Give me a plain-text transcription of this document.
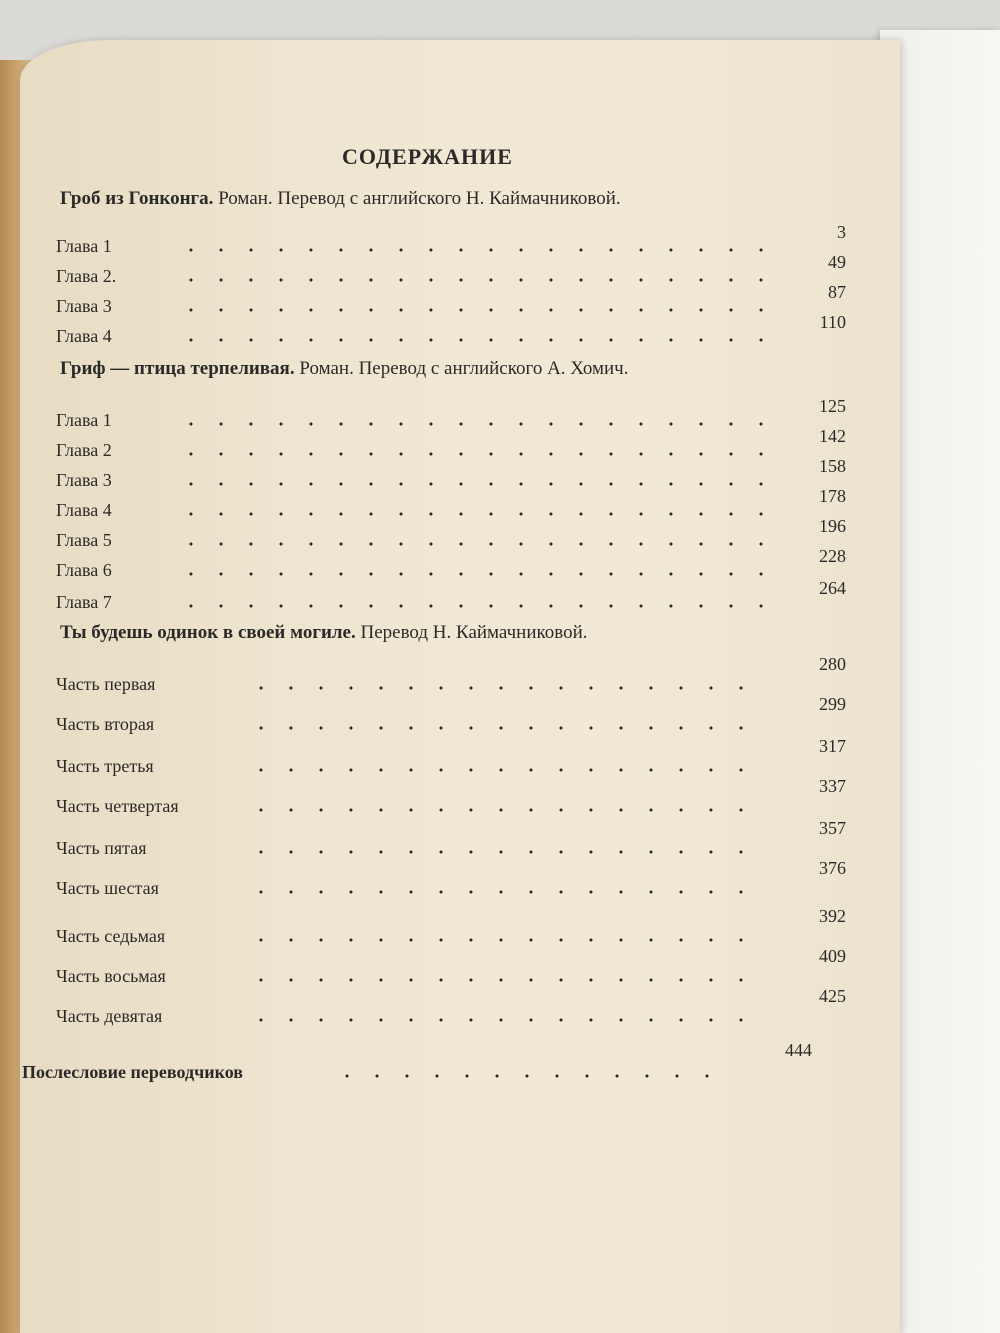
СОДЕРЖАНИЕ
Гроб из Гонконга. Роман. Перевод с английского Н. Каймачниковой.
Глава 1
3
Глава 2.
49
Глава 3
87
Глава 4
110
Гриф — птица терпеливая. Роман. Перевод с английского А. Хомич.
Глава 1
125
Глава 2
142
Глава 3
158
Глава 4
178
Глава 5
196
Глава 6
228
Глава 7
264
Ты будешь одинок в своей могиле. Перевод Н. Каймачниковой.
Часть первая
280
Часть вторая
299
Часть третья
317
Часть четвертая
337
Часть пятая
357
Часть шестая
376
Часть седьмая
392
Часть восьмая
409
Часть девятая
425
Послесловие переводчиков
444
